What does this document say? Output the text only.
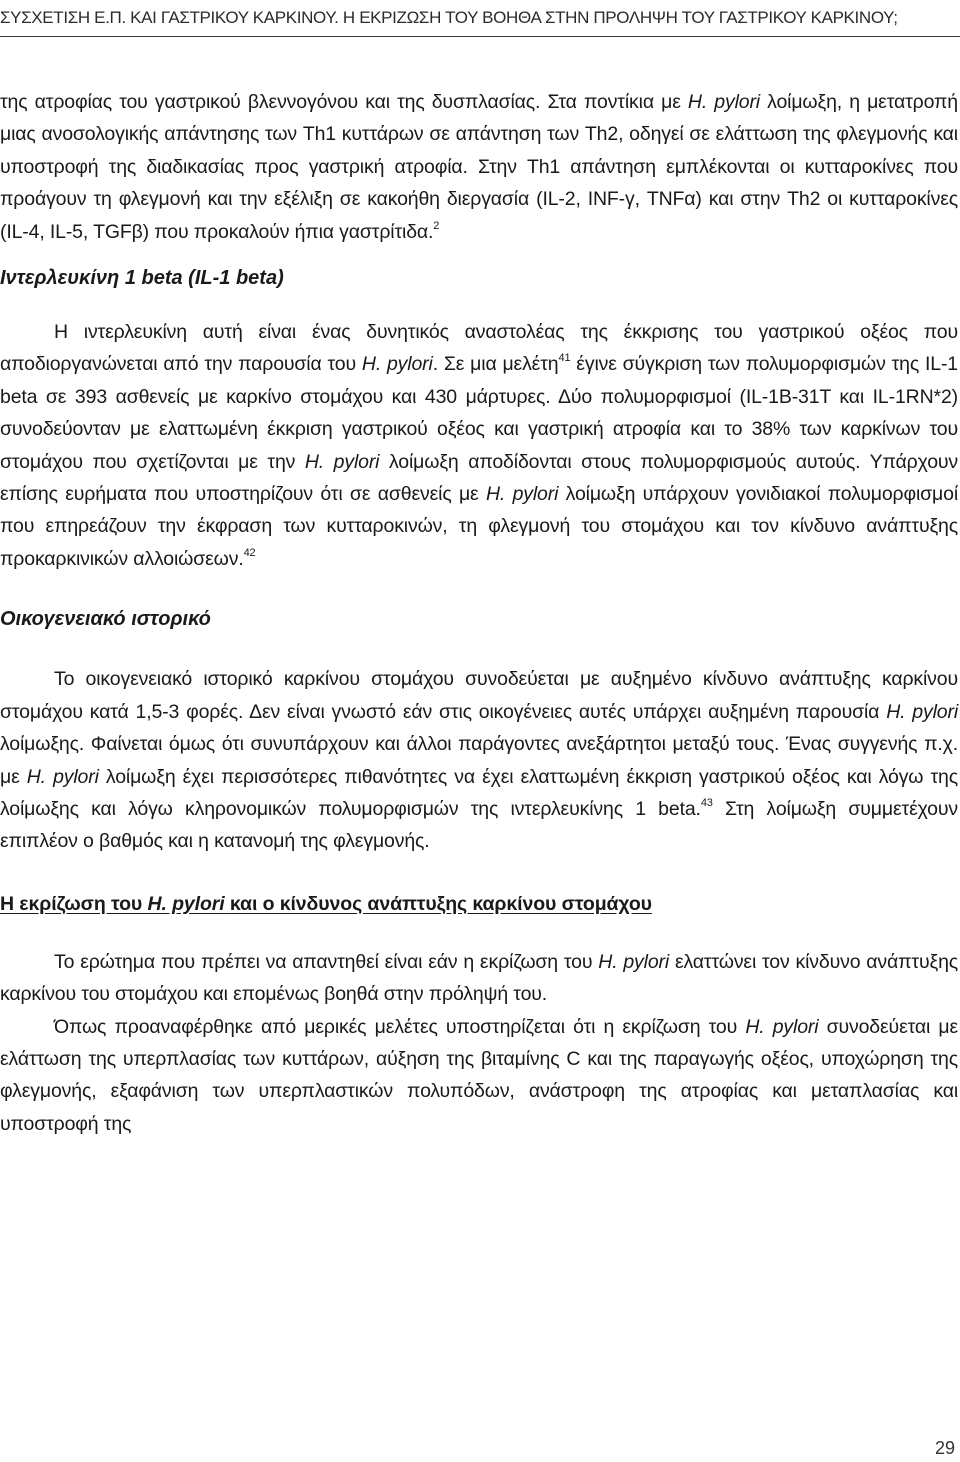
ΣΥΣΧΕΤΙΣΗ Ε.Π. ΚΑΙ ΓΑΣΤΡΙΚΟΥ ΚΑΡΚΙΝΟΥ. Η ΕΚΡΙΖΩΣΗ ΤΟΥ ΒΟΗΘΑ ΣΤΗΝ ΠΡΟΛΗΨΗ ΤΟΥ ΓΑΣΤΡΙΚΟΥ ΚΑΡΚΙΝΟΥ;

της ατροφίας του γαστρικού βλεννογόνου και της δυσπλασίας. Στα ποντίκια με H. pylori λοίμωξη, η μετατροπή μιας ανοσολογικής απάντησης των Th1 κυττάρων σε απάντηση των Th2, οδηγεί σε ελάττωση της φλεγμονής και υποστροφή της διαδικασίας προς γαστρική ατροφία. Στην Th1 απάντηση εμπλέκονται οι κυτταροκίνες που προάγουν τη φλεγμονή και την εξέλιξη σε κακοήθη διεργασία (IL-2, INF-γ, TNFα) και στην Th2 οι κυτταροκίνες (IL-4, IL-5, TGFβ) που προκαλούν ήπια γαστρίτιδα.$^2$

Ιντερλευκίνη 1 beta (IL-1 beta)

Η ιντερλευκίνη αυτή είναι ένας δυνητικός αναστολέας της έκκρισης του γαστρικού οξέος που αποδιοργανώνεται από την παρουσία του H. pylori. Σε μια μελέτη$^{41}$ έγινε σύγκριση των πολυμορφισμών της IL-1 beta σε 393 ασθενείς με καρκίνο στομάχου και 430 μάρτυρες. Δύο πολυμορφισμοί (IL-1B-31T και IL-1RN*2) συνοδεύονταν με ελαττωμένη έκκριση γαστρικού οξέος και γαστρική ατροφία και το 38% των καρκίνων του στομάχου που σχετίζονται με την H. pylori λοίμωξη αποδίδονται στους πολυμορφισμούς αυτούς. Υπάρχουν επίσης ευρήματα που υποστηρίζουν ότι σε ασθενείς με H. pylori λοίμωξη υπάρχουν γονιδιακοί πολυμορφισμοί που επηρεάζουν την έκφραση των κυτταροκινών, τη φλεγμονή του στομάχου και τον κίνδυνο ανάπτυξης προκαρκινικών αλλοιώσεων.$^{42}$

Οικογενειακό ιστορικό

Το οικογενειακό ιστορικό καρκίνου στομάχου συνοδεύεται με αυξημένο κίνδυνο ανάπτυξης καρκίνου στομάχου κατά 1,5-3 φορές. Δεν είναι γνωστό εάν στις οικογένειες αυτές υπάρχει αυξημένη παρουσία H. pylori λοίμωξης. Φαίνεται όμως ότι συνυπάρχουν και άλλοι παράγοντες ανεξάρτητοι μεταξύ τους. Ένας συγγενής π.χ. με H. pylori λοίμωξη έχει περισσότερες πιθανότητες να έχει ελαττωμένη έκκριση γαστρικού οξέος και λόγω της λοίμωξης και λόγω κληρονομικών πολυμορφισμών της ιντερλευκίνης 1 beta.$^{43}$ Στη λοίμωξη συμμετέχουν επιπλέον ο βαθμός και η κατανομή της φλεγμονής.

Η εκρίζωση του H. pylori και ο κίνδυνος ανάπτυξης καρκίνου στομάχου

Το ερώτημα που πρέπει να απαντηθεί είναι εάν η εκρίζωση του H. pylori ελαττώνει τον κίνδυνο ανάπτυξης καρκίνου του στομάχου και επομένως βοηθά στην πρόληψή του.

Όπως προαναφέρθηκε από μερικές μελέτες υποστηρίζεται ότι η εκρίζωση του H. pylori συνοδεύεται με ελάττωση της υπερπλασίας των κυττάρων, αύξηση της βιταμίνης C και της παραγωγής οξέος, υποχώρηση της φλεγμονής, εξαφάνιση των υπερπλαστικών πολυπόδων, ανάστροφη της ατροφίας και μεταπλασίας και υποστροφή της

29
